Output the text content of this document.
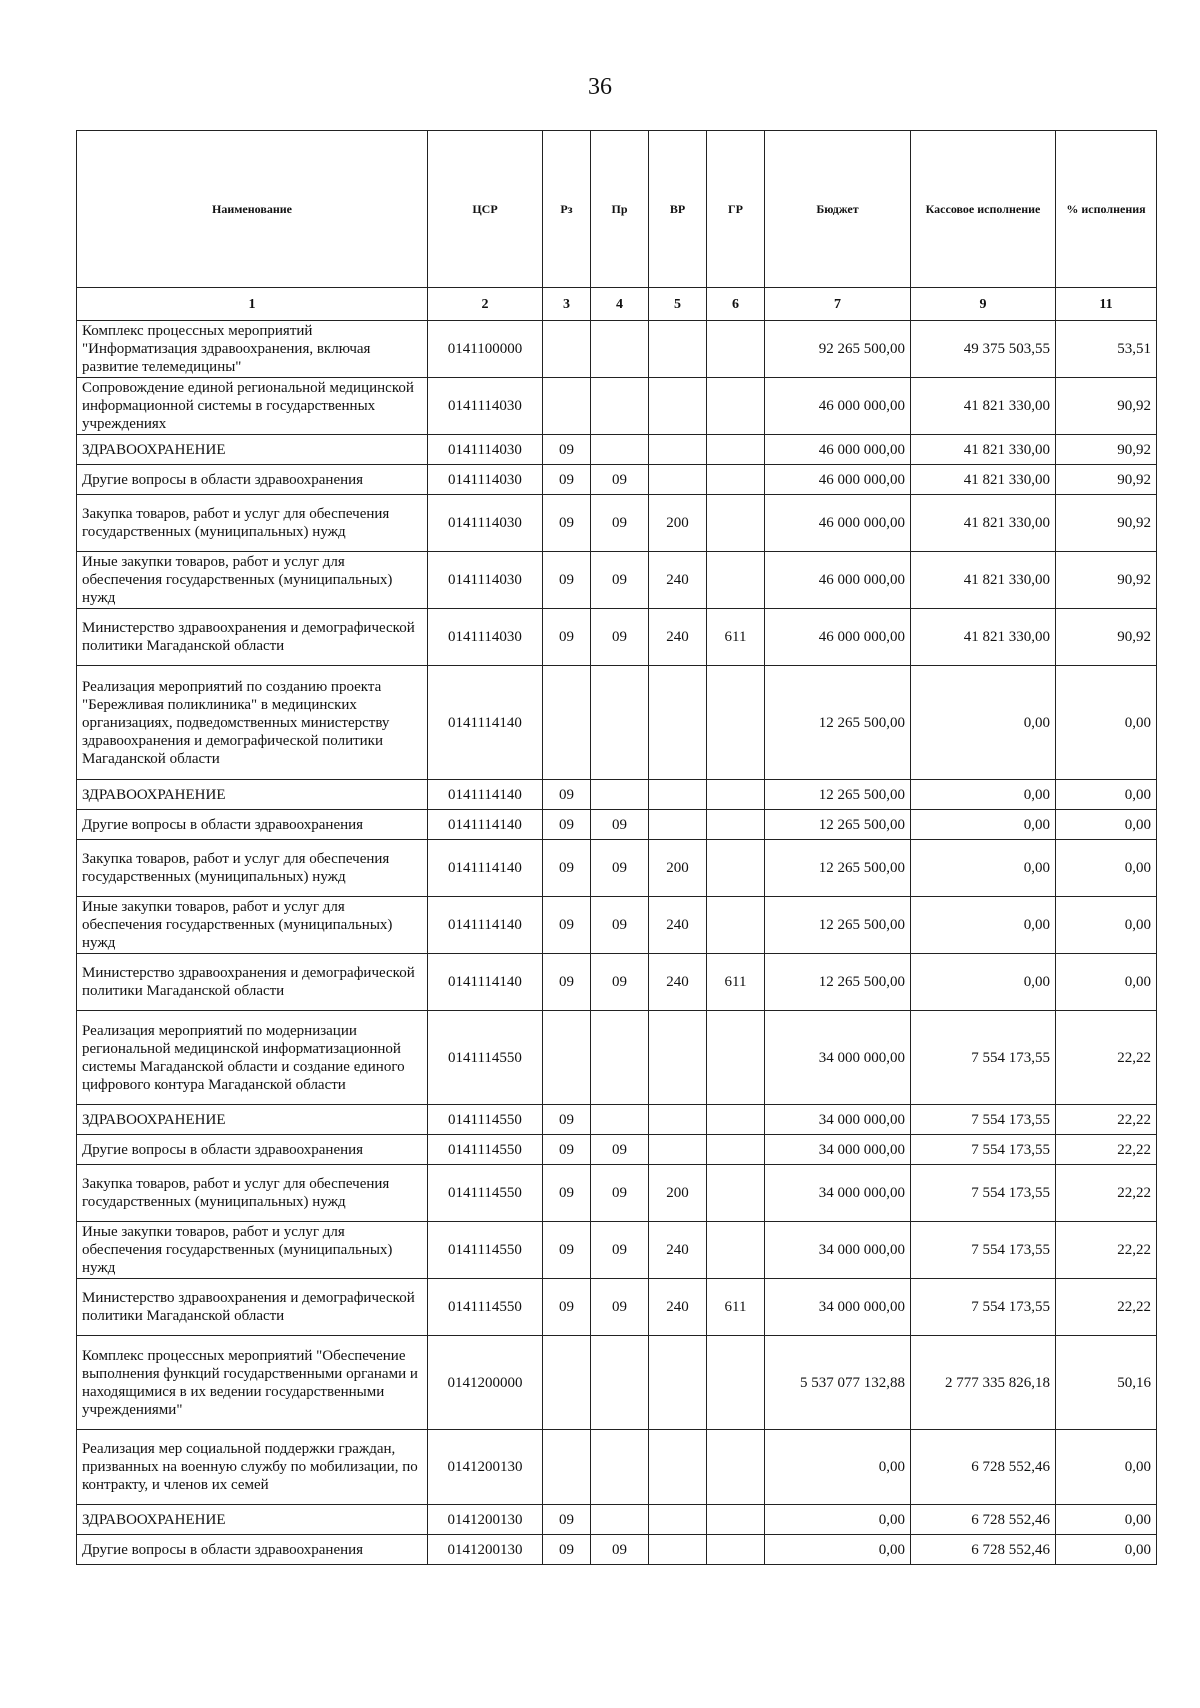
36
Наименование	ЦСР	Рз	Пр	ВР	ГР	Бюджет	Кассовое исполнение	% исполнения
1	2	3	4	5	6	7	9	11
Комплекс процессных мероприятий "Информатизация здравоохранения, включая развитие телемедицины"	0141100000					92 265 500,00	49 375 503,55	53,51
Сопровождение единой региональной медицинской информационной системы в государственных учреждениях	0141114030					46 000 000,00	41 821 330,00	90,92
ЗДРАВООХРАНЕНИЕ	0141114030	09				46 000 000,00	41 821 330,00	90,92
Другие вопросы в области здравоохранения	0141114030	09	09			46 000 000,00	41 821 330,00	90,92
Закупка товаров, работ и услуг для обеспечения государственных (муниципальных) нужд	0141114030	09	09	200		46 000 000,00	41 821 330,00	90,92
Иные закупки товаров, работ и услуг для обеспечения государственных (муниципальных) нужд	0141114030	09	09	240		46 000 000,00	41 821 330,00	90,92
Министерство здравоохранения и демографической политики Магаданской области	0141114030	09	09	240	611	46 000 000,00	41 821 330,00	90,92
Реализация мероприятий по созданию проекта "Бережливая поликлиника" в медицинских организациях, подведомственных министерству здравоохранения и демографической политики Магаданской области	0141114140					12 265 500,00	0,00	0,00
ЗДРАВООХРАНЕНИЕ	0141114140	09				12 265 500,00	0,00	0,00
Другие вопросы в области здравоохранения	0141114140	09	09			12 265 500,00	0,00	0,00
Закупка товаров, работ и услуг для обеспечения государственных (муниципальных) нужд	0141114140	09	09	200		12 265 500,00	0,00	0,00
Иные закупки товаров, работ и услуг для обеспечения государственных (муниципальных) нужд	0141114140	09	09	240		12 265 500,00	0,00	0,00
Министерство здравоохранения и демографической политики Магаданской области	0141114140	09	09	240	611	12 265 500,00	0,00	0,00
Реализация мероприятий по модернизации региональной медицинской информатизационной системы Магаданской области и создание единого цифрового контура Магаданской области	0141114550					34 000 000,00	7 554 173,55	22,22
ЗДРАВООХРАНЕНИЕ	0141114550	09				34 000 000,00	7 554 173,55	22,22
Другие вопросы в области здравоохранения	0141114550	09	09			34 000 000,00	7 554 173,55	22,22
Закупка товаров, работ и услуг для обеспечения государственных (муниципальных) нужд	0141114550	09	09	200		34 000 000,00	7 554 173,55	22,22
Иные закупки товаров, работ и услуг для обеспечения государственных (муниципальных) нужд	0141114550	09	09	240		34 000 000,00	7 554 173,55	22,22
Министерство здравоохранения и демографической политики Магаданской области	0141114550	09	09	240	611	34 000 000,00	7 554 173,55	22,22
Комплекс процессных мероприятий "Обеспечение выполнения функций государственными органами и находящимися в их ведении государственными учреждениями"	0141200000					5 537 077 132,88	2 777 335 826,18	50,16
Реализация мер социальной поддержки граждан, призванных на военную службу по мобилизации, по контракту, и членов их семей	0141200130					0,00	6 728 552,46	0,00
ЗДРАВООХРАНЕНИЕ	0141200130	09				0,00	6 728 552,46	0,00
Другие вопросы в области здравоохранения	0141200130	09	09			0,00	6 728 552,46	0,00
